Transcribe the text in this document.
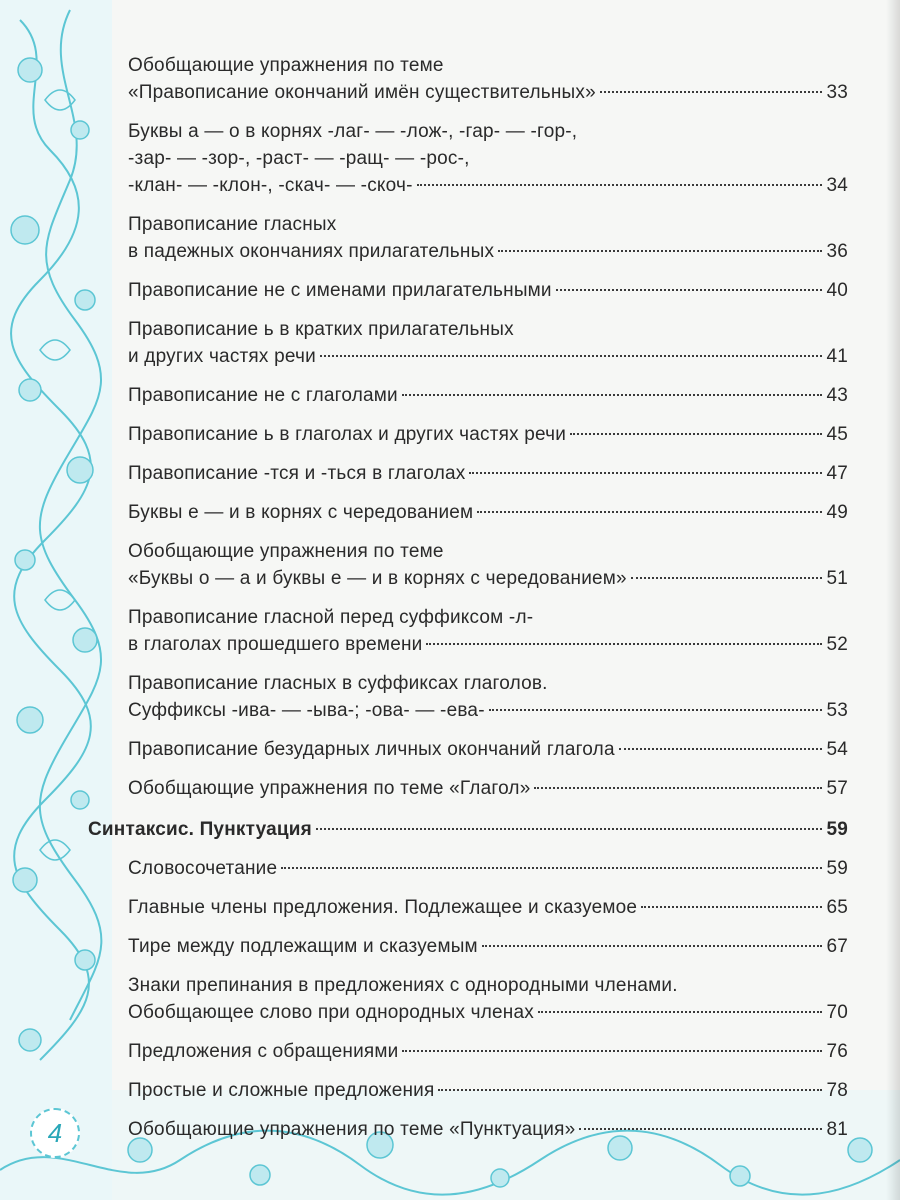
Обобщающие упражнения по теме
«Правописание окончаний имён существительных»	33
Буквы а — о в корнях -лаг- — -лож-, -гар- — -гор-,
-зар- — -зор-, -раст- — -ращ- — -рос-,
-клан- — -клон-, -скач- — -скоч-	34
Правописание гласных
в падежных окончаниях прилагательных	36
Правописание не с именами прилагательными	40
Правописание ь в кратких прилагательных
и других частях речи	41
Правописание не с глаголами	43
Правописание ь в глаголах и других частях речи	45
Правописание -тся и -ться в глаголах	47
Буквы е — и в корнях с чередованием	49
Обобщающие упражнения по теме
«Буквы о — а и буквы е — и в корнях с чередованием»	51
Правописание гласной перед суффиксом -л-
в глаголах прошедшего времени	52
Правописание гласных в суффиксах глаголов.
Суффиксы -ива- — -ыва-; -ова- — -ева-	53
Правописание безударных личных окончаний глагола	54
Обобщающие упражнения по теме «Глагол»	57
Синтаксис. Пунктуация	59
Словосочетание	59
Главные члены предложения. Подлежащее и сказуемое	65
Тире между подлежащим и сказуемым	67
Знаки препинания в предложениях с однородными членами.
Обобщающее слово при однородных членах	70
Предложения с обращениями	76
Простые и сложные предложения	78
Обобщающие упражнения по теме «Пунктуация»	81
4
